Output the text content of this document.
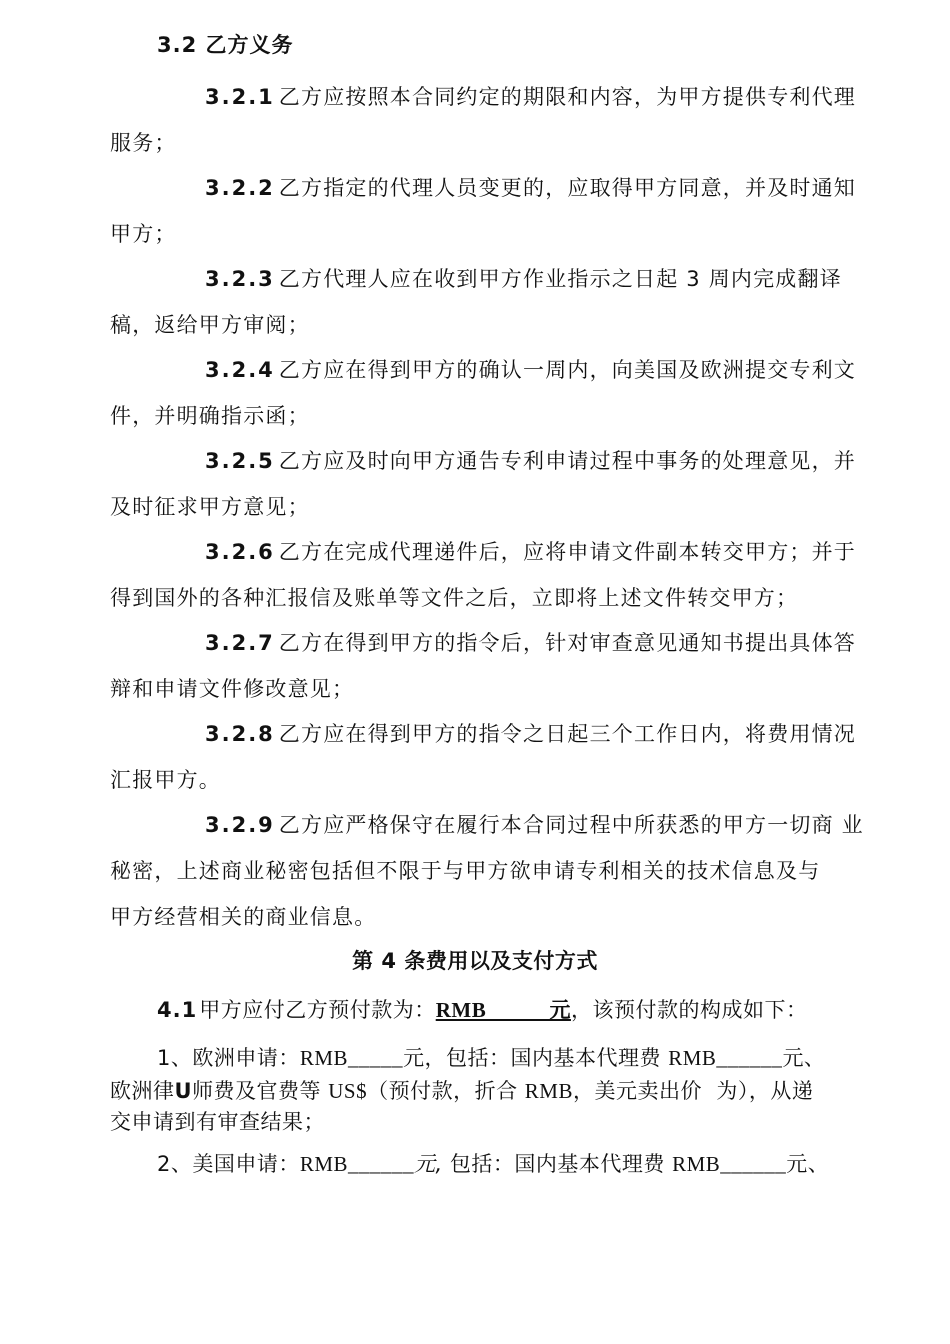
3.2 乙方义务
3.2.1 乙方应按照本合同约定的期限和内容，为甲方提供专利代理
服务；
3.2.2 乙方指定的代理人员变更的，应取得甲方同意，并及时通知
甲方；
3.2.3 乙方代理人应在收到甲方作业指示之日起 3 周内完成翻译
稿，返给甲方审阅；
3.2.4 乙方应在得到甲方的确认一周内，向美国及欧洲提交专利文
件，并明确指示函；
3.2.5 乙方应及时向甲方通告专利申请过程中事务的处理意见，并
及时征求甲方意见；
3.2.6 乙方在完成代理递件后，应将申请文件副本转交甲方；并于
得到国外的各种汇报信及账单等文件之后，立即将上述文件转交甲方；
3.2.7 乙方在得到甲方的指令后，针对审查意见通知书提出具体答
辩和申请文件修改意见；
3.2.8 乙方应在得到甲方的指令之日起三个工作日内，将费用情况
汇报甲方。
3.2.9 乙方应严格保守在履行本合同过程中所获悉的甲方一切商 业
秘密，上述商业秘密包括但不限于与甲方欲申请专利相关的技术信息及与
甲方经营相关的商业信息。
第 4 条费用以及支付方式
4.1甲方应付乙方预付款为：RMB           元，该预付款的构成如下：
1、欧洲申请：RMB_____元，包括：国内基本代理费 RMB______元、
欧洲律U师费及官费等 US$（预付款，折合 RMB，美元卖出价  为），从递
交申请到有审查结果；
2、美国申请：RMB______元, 包括：国内基本代理费 RMB______元、
